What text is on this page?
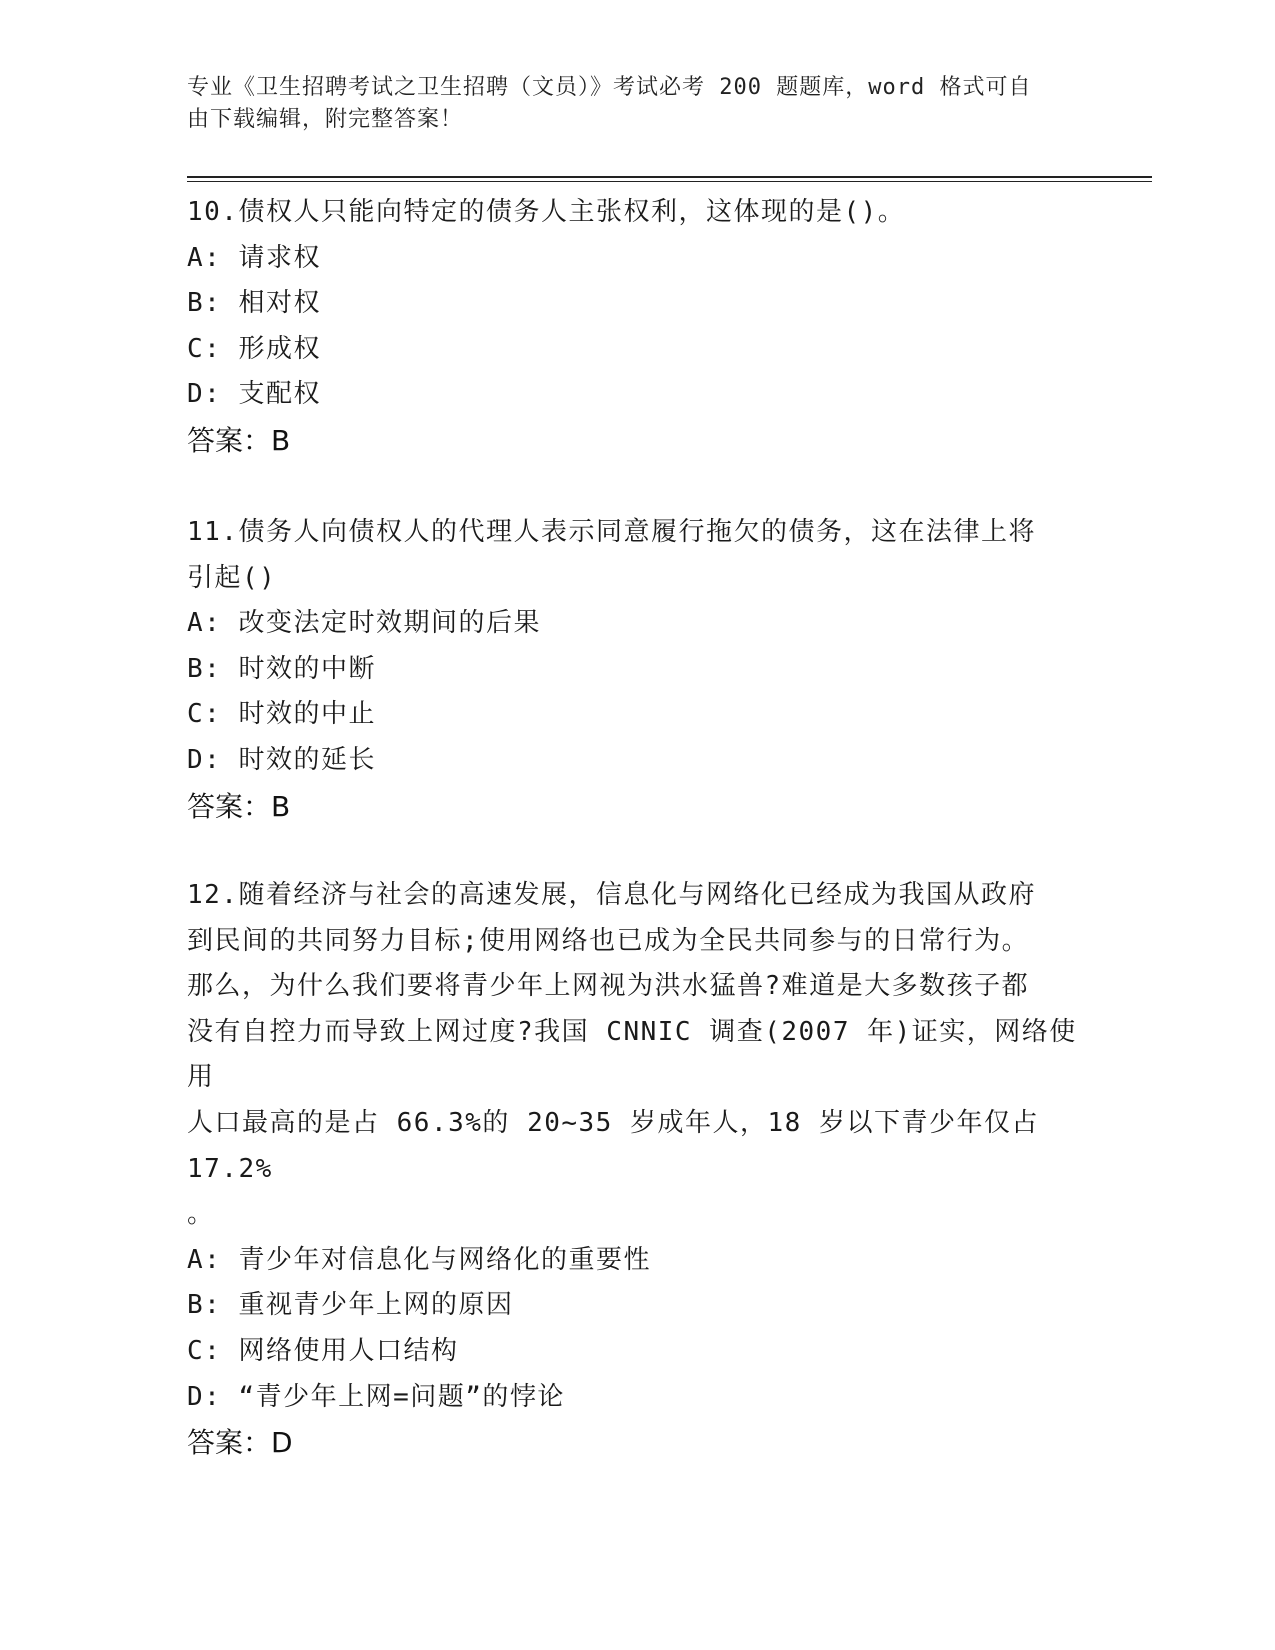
专业《卫生招聘考试之卫生招聘（文员）》考试必考 200 题题库，word 格式可自
由下载编辑，附完整答案！

10.债权人只能向特定的债务人主张权利，这体现的是()。

A: 请求权

B: 相对权

C: 形成权

D: 支配权

答案：B

11.债务人向债权人的代理人表示同意履行拖欠的债务，这在法律上将

引起()

A: 改变法定时效期间的后果

B: 时效的中断

C: 时效的中止

D: 时效的延长

答案：B

12.随着经济与社会的高速发展，信息化与网络化已经成为我国从政府

到民间的共同努力目标;使用网络也已成为全民共同参与的日常行为。

那么，为什么我们要将青少年上网视为洪水猛兽?难道是大多数孩子都

没有自控力而导致上网过度?我国 CNNIC 调查(2007 年)证实，网络使用

人口最高的是占 66.3%的 20~35 岁成年人，18 岁以下青少年仅占 17.2%

。

A: 青少年对信息化与网络化的重要性

B: 重视青少年上网的原因

C: 网络使用人口结构

D: “青少年上网=问题”的悖论

答案：D
